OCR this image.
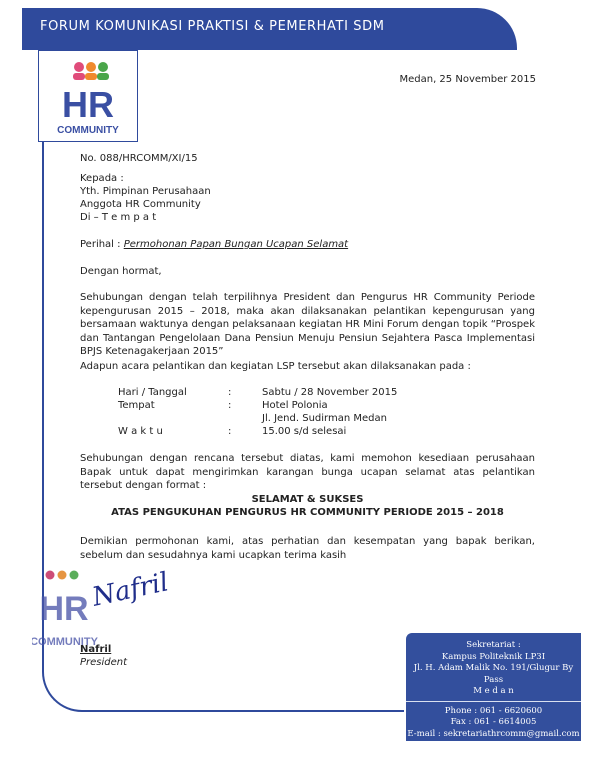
FORUM KOMUNIKASI PRAKTISI & PEMERHATI SDM
HR
COMMUNITY
Medan, 25 November 2015
No. 088/HRCOMM/XI/15
Kepada :
Yth. Pimpinan Perusahaan
Anggota HR Community
Di – T e m p a t
Perihal : Permohonan Papan Bungan Ucapan Selamat
Dengan hormat,
Sehubungan dengan telah terpilihnya President dan Pengurus HR Community Periode kepengurusan 2015 – 2018, maka akan dilaksanakan pelantikan kepengurusan yang bersamaan waktunya dengan pelaksanaan kegiatan HR Mini Forum dengan topik “Prospek dan Tantangan Pengelolaan Dana Pensiun Menuju Pensiun Sejahtera Pasca Implementasi BPJS Ketenagakerjaan 2015”
Adapun acara pelantikan dan kegiatan LSP tersebut akan dilaksanakan pada :
Hari / Tanggal	:	Sabtu / 28 November 2015
Tempat	:	Hotel Polonia
Jl. Jend. Sudirman Medan
W a k t u	:	15.00 s/d selesai
Sehubungan dengan rencana tersebut diatas, kami memohon kesediaan perusahaan Bapak untuk dapat mengirimkan karangan bunga ucapan selamat atas pelantikan tersebut dengan format :
SELAMAT & SUKSES
ATAS PENGUKUHAN PENGURUS HR COMMUNITY PERIODE 2015 – 2018
Demikian permohonan kami, atas perhatian dan kesempatan yang bapak berikan, sebelum dan sesudahnya kami ucapkan terima kasih
HR
COMMUNITY
Nafril
Nafril
President
Sekretariat :
Kampus Politeknik LP3I
Jl. H. Adam Malik No. 191/Glugur By Pass
M e d a n
Phone : 061 - 6620600
Fax : 061 - 6614005
E-mail : sekretariathrcomm@gmail.com
